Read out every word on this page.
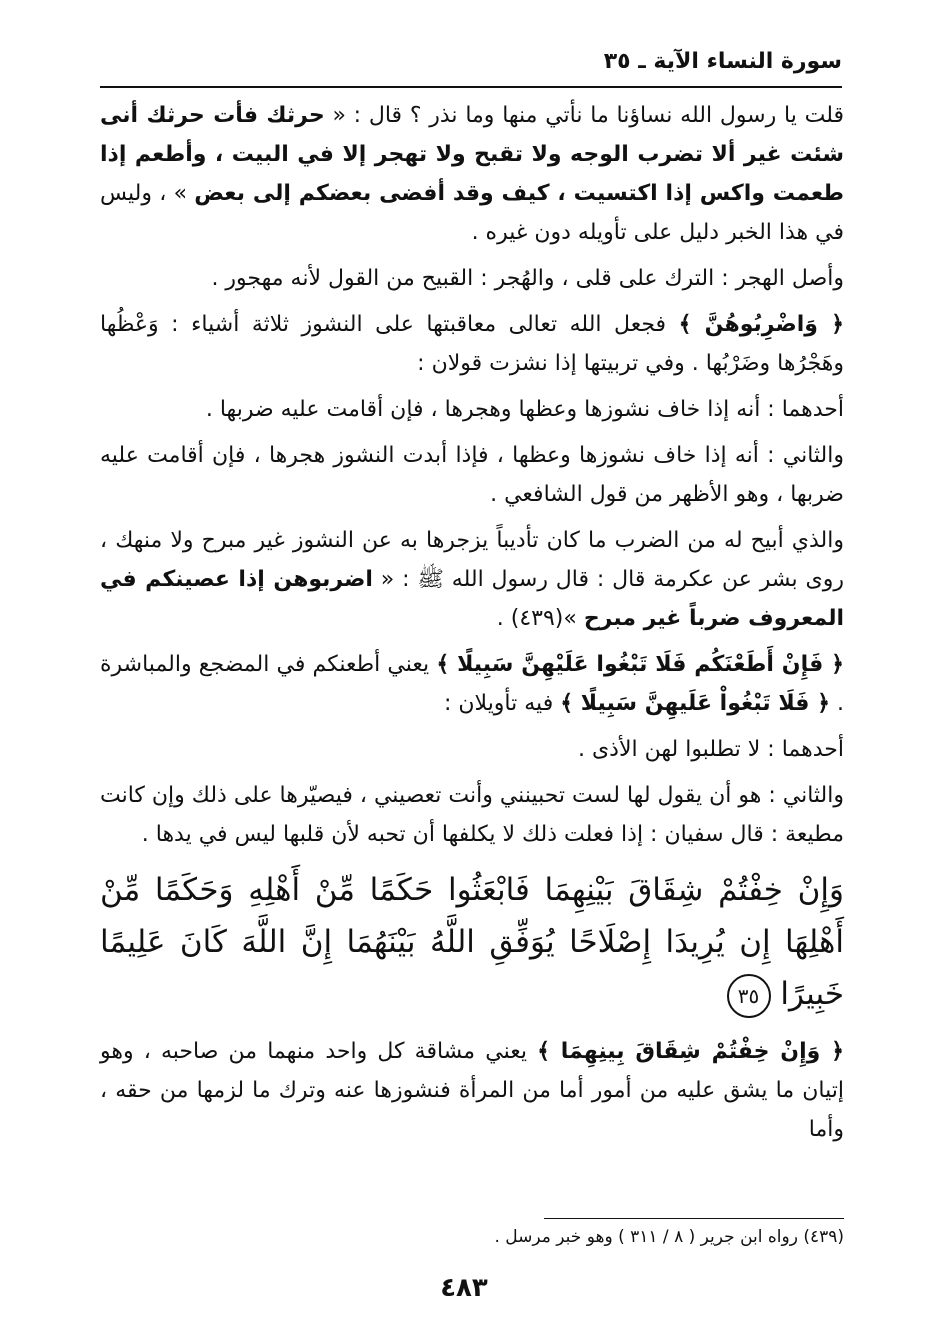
سورة النساء الآية ـ ٣٥

قلت يا رسول الله نساؤنا ما نأتي منها وما نذر ؟ قال : « حرثك فأت حرثك أنى شئت غير ألا تضرب الوجه ولا تقبح ولا تهجر إلا في البيت ، وأطعم إذا طعمت واكس إذا اكتسيت ، كيف وقد أفضى بعضكم إلى بعض » ، وليس في هذا الخبر دليل على تأويله دون غيره .

وأصل الهجر : الترك على قلى ، والهُجر : القبيح من القول لأنه مهجور .

﴿ وَاضْرِبُوهُنَّ ﴾ فجعل الله تعالى معاقبتها على النشوز ثلاثة أشياء : وَعْظُها وهَجْرُها وضَرْبُها . وفي تربيتها إذا نشزت قولان :

أحدهما : أنه إذا خاف نشوزها وعظها وهجرها ، فإن أقامت عليه ضربها .

والثاني : أنه إذا خاف نشوزها وعظها ، فإذا أبدت النشوز هجرها ، فإن أقامت عليه ضربها ، وهو الأظهر من قول الشافعي .

والذي أبيح له من الضرب ما كان تأديباً يزجرها به عن النشوز غير مبرح ولا منهك ، روى بشر عن عكرمة قال : قال رسول الله ﷺ : « اضربوهن إذا عصينكم في المعروف ضرباً غير مبرح »(٤٣٩) .

﴿ فَإِنْ أَطَعْنَكُم فَلَا تَبْغُوا عَلَيْهِنَّ سَبِيلًا ﴾ يعني أطعنكم في المضجع والمباشرة . ﴿ فَلَا تَبْغُواْ عَلَيهِنَّ سَبِيلًا ﴾ فيه تأويلان :

أحدهما : لا تطلبوا لهن الأذى .

والثاني : هو أن يقول لها لست تحبينني وأنت تعصيني ، فيصيّرها على ذلك وإن كانت مطيعة : قال سفيان : إذا فعلت ذلك لا يكلفها أن تحبه لأن قلبها ليس في يدها .

وَإِنْ خِفْتُمْ شِقَاقَ بَيْنِهِمَا فَابْعَثُوا حَكَمًا مِّنْ أَهْلِهِ وَحَكَمًا مِّنْ أَهْلِهَا إِن يُرِيدَا إِصْلَاحًا يُوَفِّقِ اللَّهُ بَيْنَهُمَا إِنَّ اللَّهَ كَانَ عَلِيمًا خَبِيرًا ٣٥

﴿ وَإِنْ خِفْتُمْ شِقَاقَ بِينِهِمَا ﴾ يعني مشاقة كل واحد منهما من صاحبه ، وهو إتيان ما يشق عليه من أمور أما من المرأة فنشوزها عنه وترك ما لزمها من حقه ، وأما

(٤٣٩) رواه ابن جرير ( ٨ / ٣١١ ) وهو خبر مرسل .
٤٨٣
